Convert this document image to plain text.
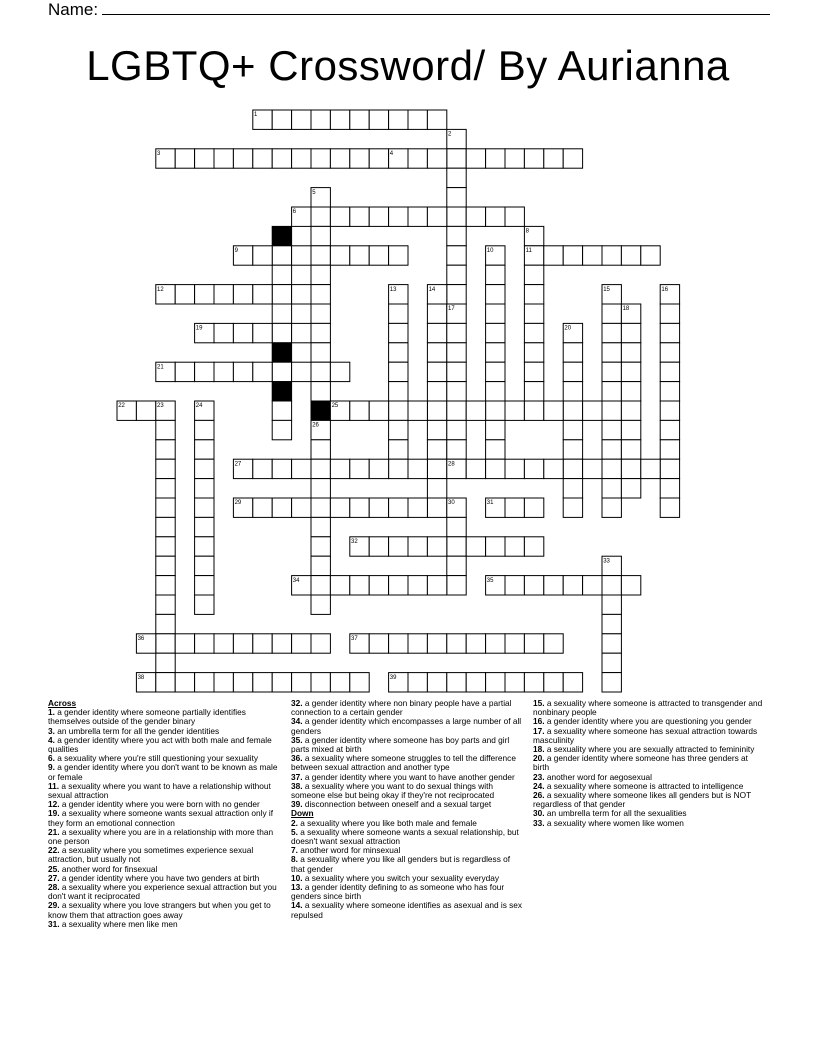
Name:
LGBTQ+ Crossword/ By Aurianna
1
2
3	4
5
6
7	8
9	10	11
12	13	14	15	16
17	18
19	20
21
22	23	24	25
26
27	28
29	30	31
32
33
34	35
36	37
38	39
Across
1. a gender identity where someone partially identifies themselves outside of the gender binary
3. an umbrella term for all the gender identities
4. a gender identity where you act with both male and female qualities
6. a sexuality where you're still questioning your sexuality
9. a gender identity where you don't want to be known as male or female
11. a sexuality where you want to have a relationship without sexual attraction
12. a gender identity where you were born with no gender
19. a sexuality where someone wants sexual attraction only if they form an emotional connection
21. a sexuality where you are in a relationship with more than one person
22. a sexuality where you sometimes experience sexual attraction, but usually not
25. another word for finsexual
27. a gender identity where you have two genders at birth
28. a sexuality where you experience sexual attraction but you don't want it reciprocated
29. a sexuality where you love strangers but when you get to know them that attraction goes away
31. a sexuality where men like men
32. a gender identity where non binary people have a partial connection to a certain gender
34. a gender identity which encompasses a large number of all genders
35. a gender identity where someone has boy parts and girl parts mixed at birth
36. a sexuality where someone struggles to tell the difference between sexual attraction and another type
37. a gender identity where you want to have another gender
38. a sexuality where you want to do sexual things with someone else but being okay if they're not reciprocated
39. disconnection between oneself and a sexual target
Down
2. a sexuality where you like both male and female
5. a sexuality where someone wants a sexual relationship, but doesn't want sexual attraction
7. another word for minsexual
8. a sexuality where you like all genders but is regardless of that gender
10. a sexuality where you switch your sexuality everyday
13. a gender identity defining to as someone who has four genders since birth
14. a sexuality where someone identifies as asexual and is sex repulsed
15. a sexuality where someone is attracted to transgender and nonbinary people
16. a gender identity where you are questioning you gender
17. a sexuality where someone has sexual attraction towards masculinity
18. a sexuality where you are sexually attracted to femininity
20. a gender identity where someone has three genders at birth
23. another word for aegosexual
24. a sexuality where someone is attracted to intelligence
26. a sexuality where someone likes all genders but is NOT regardless of that gender
30. an umbrella term for all the sexualities
33. a sexuality where women like women
